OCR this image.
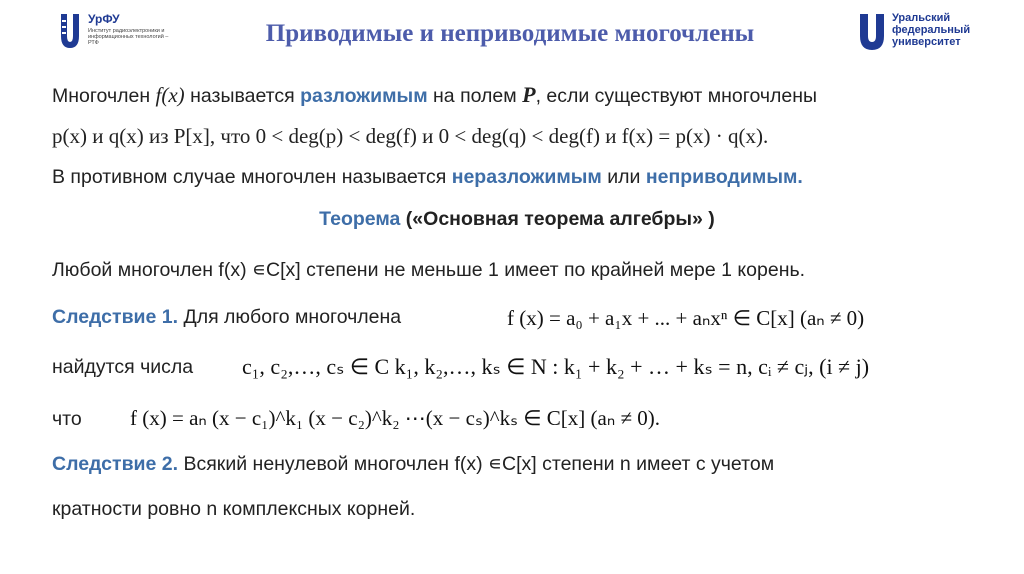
УрФУ
Институт радиоэлектроники и информационных технологий – РТФ	Приводимые и неприводимые многочлены
Уральский
федеральный
университет
Многочлен f(x) называется разложимым на полем P, если существуют многочлены
p(x) и q(x) из P[x], что 0 < deg(p) < deg(f) и 0 < deg(q) < deg(f) и f(x) = p(x) · q(x).
В противном случае многочлен называется неразложимым или неприводимым.
Теорема («Основная теорема алгебры» )
Любой многочлен f(x) ∊C[x] степени не меньше 1 имеет по крайней мере 1 корень.
Следствие 1. Для любого многочлена	f (x) = a₀ + a₁x + ... + aₙxⁿ ∈ C[x] (aₙ ≠ 0)
найдутся числа c₁, c₂,…, cₛ ∈ C k₁, k₂,…, kₛ ∈ N : k₁ + k₂ + … + kₛ = n, cᵢ ≠ cⱼ, (i ≠ j)
что f (x) = aₙ (x − c₁)^k₁ (x − c₂)^k₂ ⋯(x − cₛ)^kₛ ∈ C[x] (aₙ ≠ 0).
Следствие 2. Всякий ненулевой многочлен f(x) ∊C[x] степени n имеет с учетом
кратности ровно n комплексных корней.
